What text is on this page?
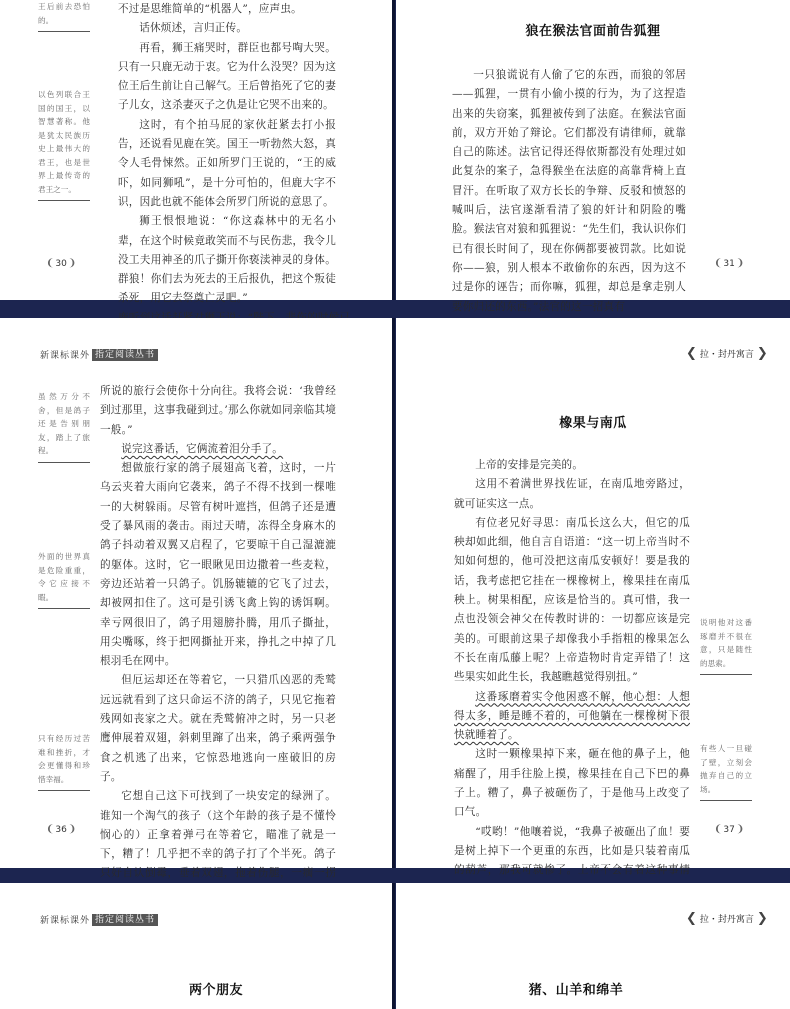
王后前去恐怕的。
以色列联合王国的国王，以智慧著称。他是犹太民族历史上最伟大的君王，也是世界上最传奇的君王之一。

不过是思维简单的“机器人”，应声虫。

话休烦述，言归正传。

再看，狮王痛哭时，群臣也都号啕大哭。只有一只鹿无动于衷。它为什么没哭？因为这位王后生前让自己解气。王后曾掐死了它的妻子儿女，这杀妻灭子之仇是让它哭不出来的。

这时，有个拍马屁的家伙赶紧去打小报告，还说看见鹿在笑。国王一听勃然大怒，真令人毛骨悚然。正如所罗门王说的，“王的威吓，如同狮吼”，是十分可怕的，但鹿大字不识，因此也就不能体会所罗门所说的意思了。

狮王恨恨地说：“你这森林中的无名小辈，在这个时候竟敢笑而不与民伤悲，我令儿没工夫用神圣的爪子撕开你亵渎神灵的身体。群狼！你们去为死去的王后报仇，把这个叛徒杀死，用它去祭奠亡灵吧。”

❨ 30 ❩
狼在猴法官面前告狐狸

一只狼谎说有人偷了它的东西，而狼的邻居——狐狸，一贯有小偷小摸的行为，为了这捏造出来的失窃案，狐狸被传到了法庭。在猴法官面前，双方开始了辩论。它们都没有请律师，就靠自己的陈述。法官记得还得依斯都没有处理过如此复杂的案子，急得猴坐在法庭的高靠背椅上直冒汗。在听取了双方长长的争辩、反驳和愤怒的喊叫后，法官遂渐看清了狼的奸计和阴险的嘴脸。猴法官对狼和狐狸说：“先生们，我认识你们已有很长时间了，现在你俩都要被罚款。比如说你——狼，别人根本不敢偷你的东西，因为这不过是你的诬告；而你嘛，狐狸，却总是拿走别人要你归还的东西。”法官的这一招真有

❨ 31 ❩
新课标课外 指定阅读丛书
虽然万分不舍，但是鸽子还是告别朋友，踏上了旅程。
外面的世界真是危险重重，令它应接不暇。
只有经历过苦难和挫折，才会更懂得和珍惜幸福。

所说的旅行会使你十分向往。我将会说：‘我曾经到过那里，这事我碰到过。’那么你就如同亲临其境一般。”

说完这番话，它俩流着泪分手了。

想做旅行家的鸽子展翅高飞着，这时，一片乌云夹着大雨向它袭来，鸽子不得不找到一棵唯一的大树躲雨。尽管有树叶遮挡，但鸽子还是遭受了暴风雨的袭击。雨过天晴，冻得全身麻木的鸽子抖动着双翼又启程了，它要晾干自己湿漉漉的躯体。这时，它一眼瞅见田边撒着一些麦粒，旁边还站着一只鸽子。饥肠辘辘的它飞了过去，却被网扣住了。这可是引诱飞禽上钩的诱饵啊。幸亏网很旧了，鸽子用翅膀扑腾，用爪子撕扯，用尖嘴啄，终于把网撕扯开来，挣扎之中掉了几根羽毛在网中。

但厄运却还在等着它，一只猎爪凶恶的秃鹫远远就看到了这只命运不济的鸽子，只见它拖着残网如丧家之犬。就在秃鹫俯冲之时，另一只老鹰伸展着双翅，斜刺里蹿了出来，鸽子乘两强争食之机逃了出来，它惊恐地逃向一座破旧的房子。

它想自己这下可找到了一块安定的绿洲了。谁知一个淘气的孩子（这个年龄的孩子是不懂怜悯心的）正拿着弹弓在等着它，瞄准了就是一下，糟了！几乎把不幸的鸽子打了个半死。鸽子只好自认倒霉，垂着双翅，拖着伤腿，一瘸一拐

❨ 36 ❩
❮ 拉・封丹寓言 ❯
橡果与南瓜

上帝的安排是完美的。

这用不着满世界找佐证，在南瓜地旁路过，就可证实这一点。

有位老兄好寻思：南瓜长这么大，但它的瓜秧却如此细，他自言自语道：“这一切上帝当时不知如何想的，他可没把这南瓜安顿好！要是我的话，我考虑把它挂在一棵橡树上，橡果挂在南瓜秧上。树果相配，应该是恰当的。真可惜，我一点也没领会神父在传教时讲的：一切都应该是完美的。可眼前这果子却像我小手指粗的橡果怎么不长在南瓜藤上呢？上帝造物时肯定弄错了！这些果实如此生长，我越瞧越觉得别扭。”

这番琢磨着实令他困惑不解，他心想：人想得太多，睡是睡不着的，可他躺在一棵橡树下很快就睡着了。

这时一颗橡果掉下来，砸在他的鼻子上，他痛醒了，用手往脸上摸，橡果挂在自己下巴的鼻子上。糟了，鼻子被砸伤了，于是他马上改变了口气。

“哎哟！”他嚷着说，“我鼻子被砸出了血！要是树上掉下一个更重的东西，比如是只装着南瓜的葫芦，那我可就惨了。上帝不会有着这种事情

说明他对这番琢磨并不很在意，只是随性的思索。
有些人一旦碰了壁，立刻会抛弃自己的立场。
❨ 37 ❩
新课标课外 指定阅读丛书
两个朋友
❮ 拉・封丹寓言 ❯
猪、山羊和绵羊
